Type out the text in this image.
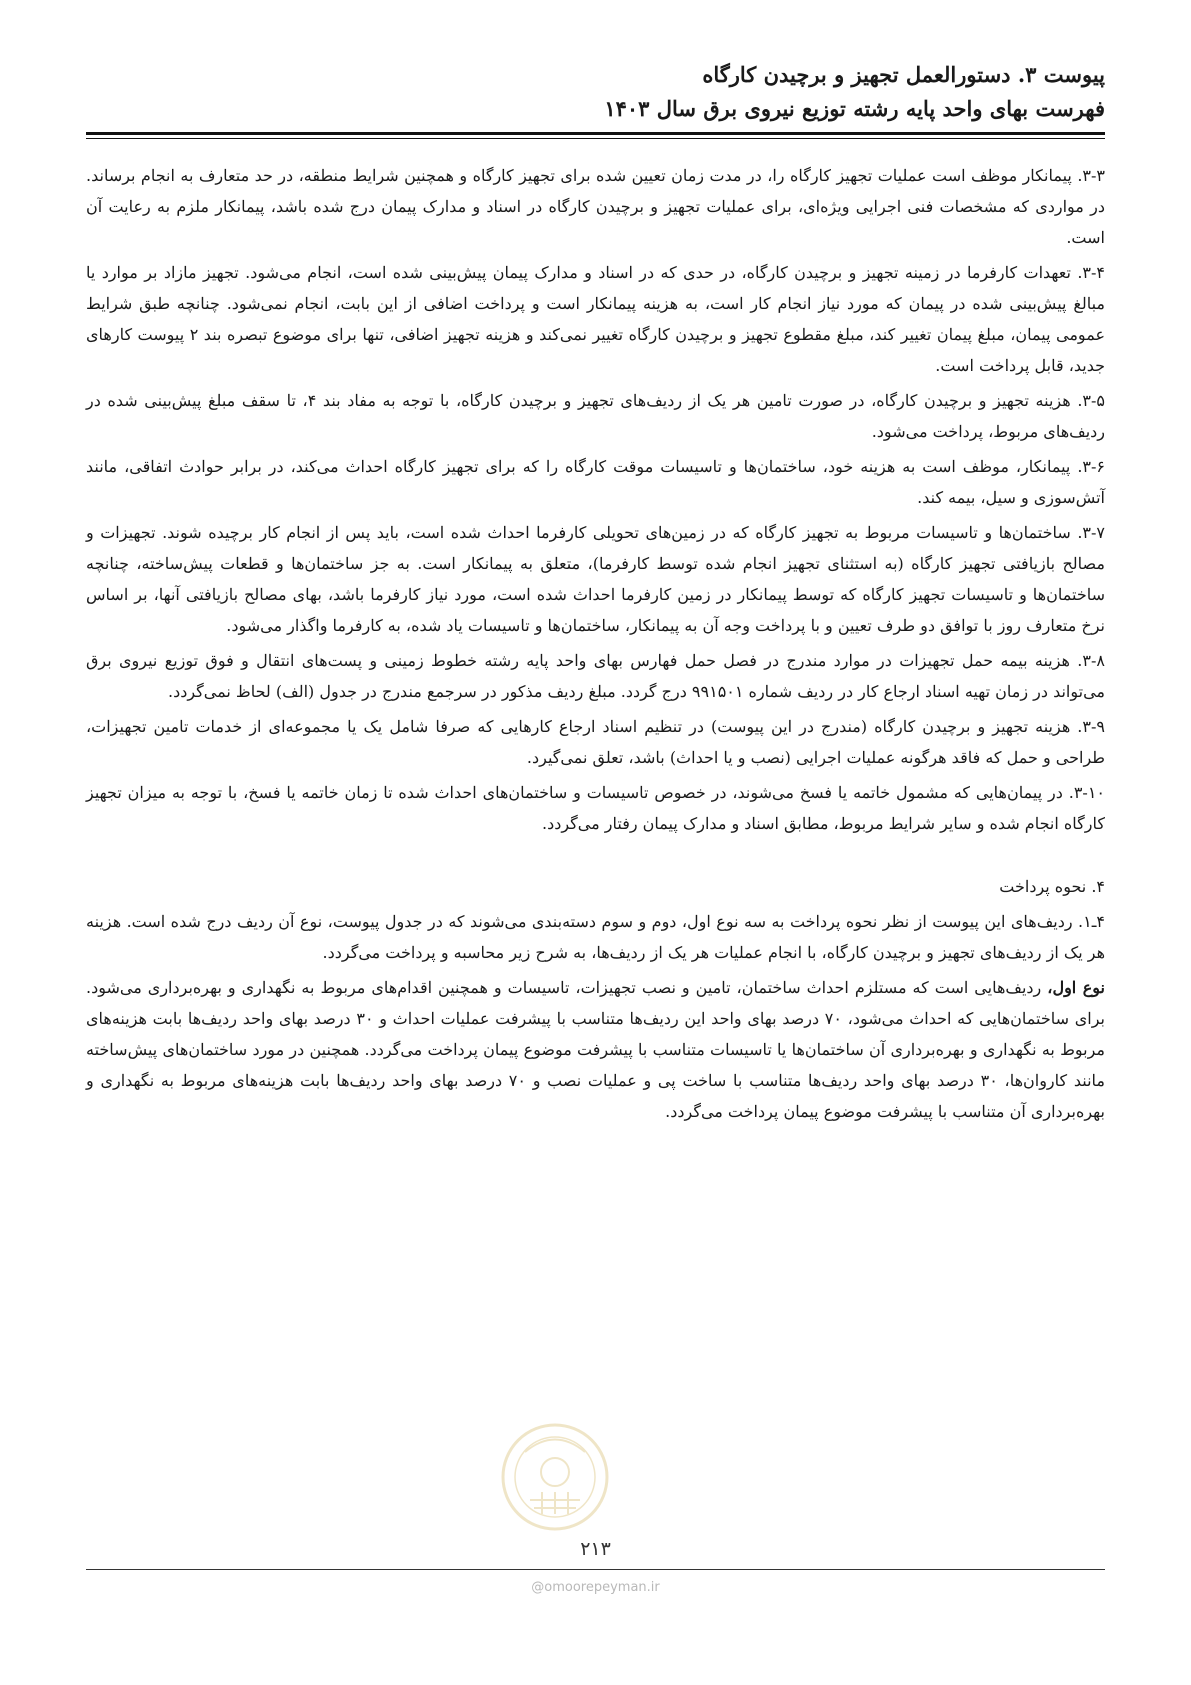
پیوست ۳. دستورالعمل تجهیز و برچیدن کارگاه
فهرست بهای واحد پایه رشته توزیع نیروی برق سال ۱۴۰۳

۳-۳. پیمانکار موظف است عملیات تجهیز کارگاه را، در مدت زمان تعیین شده برای تجهیز کارگاه و همچنین شرایط منطقه، در حد متعارف به انجام برساند. در مواردی که مشخصات فنی اجرایی ویژه‌ای، برای عملیات تجهیز و برچیدن کارگاه در اسناد و مدارک پیمان درج شده باشد، پیمانکار ملزم به رعایت آن است.

۳-۴. تعهدات کارفرما در زمینه تجهیز و برچیدن کارگاه، در حدی که در اسناد و مدارک پیمان پیش‌بینی شده است، انجام می‌شود. تجهیز مازاد بر موارد یا مبالغ پیش‌بینی شده در پیمان که مورد نیاز انجام کار است، به هزینه پیمانکار است و پرداخت اضافی از این بابت، انجام نمی‌شود. چنانچه طبق شرایط عمومی پیمان، مبلغ پیمان تغییر کند، مبلغ مقطوع تجهیز و برچیدن کارگاه تغییر نمی‌کند و هزینه تجهیز اضافی، تنها برای موضوع تبصره بند ۲ پیوست کارهای جدید، قابل پرداخت است.

۳-۵. هزینه تجهیز و برچیدن کارگاه، در صورت تامین هر یک از ردیف‌های تجهیز و برچیدن کارگاه، با توجه به مفاد بند ۴، تا سقف مبلغ پیش‌بینی شده در ردیف‌های مربوط، پرداخت می‌شود.

۳-۶. پیمانکار، موظف است به هزینه خود، ساختمان‌ها و تاسیسات موقت کارگاه را که برای تجهیز کارگاه احداث می‌کند، در برابر حوادث اتفاقی، مانند آتش‌سوزی و سیل، بیمه کند.

۳-۷. ساختمان‌ها و تاسیسات مربوط به تجهیز کارگاه که در زمین‌های تحویلی کارفرما احداث شده است، باید پس از انجام کار برچیده شوند. تجهیزات و مصالح بازیافتی تجهیز کارگاه (به استثنای تجهیز انجام شده توسط کارفرما)، متعلق به پیمانکار است. به جز ساختمان‌ها و قطعات پیش‌ساخته، چنانچه ساختمان‌ها و تاسیسات تجهیز کارگاه که توسط پیمانکار در زمین کارفرما احداث شده است، مورد نیاز کارفرما باشد، بهای مصالح بازیافتی آنها، بر اساس نرخ متعارف روز با توافق دو طرف تعیین و با پرداخت وجه آن به پیمانکار، ساختمان‌ها و تاسیسات یاد شده، به کارفرما واگذار می‌شود.

۳-۸. هزینه بیمه حمل تجهیزات در موارد مندرج در فصل حمل فهارس بهای واحد پایه رشته خطوط زمینی و پست‌های انتقال و فوق توزیع نیروی برق می‌تواند در زمان تهیه اسناد ارجاع کار در ردیف شماره ۹۹۱۵۰۱ درج گردد. مبلغ ردیف مذکور در سرجمع مندرج در جدول (الف) لحاظ نمی‌گردد.

۳-۹. هزینه تجهیز و برچیدن کارگاه (مندرج در این پیوست) در تنظیم اسناد ارجاع کارهایی که صرفا شامل یک یا مجموعه‌ای از خدمات تامین تجهیزات، طراحی و حمل که فاقد هرگونه عملیات اجرایی (نصب و یا احداث) باشد، تعلق نمی‌گیرد.

۳-۱۰. در پیمان‌هایی که مشمول خاتمه یا فسخ می‌شوند، در خصوص تاسیسات و ساختمان‌های احداث شده تا زمان خاتمه یا فسخ، با توجه به میزان تجهیز کارگاه انجام شده و سایر شرایط مربوط، مطابق اسناد و مدارک پیمان رفتار می‌گردد.

۴. نحوه پرداخت

۴ـ۱. ردیف‌های این پیوست از نظر نحوه پرداخت به سه نوع اول، دوم و سوم دسته‌بندی می‌شوند که در جدول پیوست، نوع آن ردیف درج شده است. هزینه هر یک از ردیف‌های تجهیز و برچیدن کارگاه، با انجام عملیات هر یک از ردیف‌ها، به شرح زیر محاسبه و پرداخت می‌گردد.

نوع اول، ردیف‌هایی است که مستلزم احداث ساختمان، تامین و نصب تجهیزات، تاسیسات و همچنین اقدام‌های مربوط به نگهداری و بهره‌برداری می‌شود. برای ساختمان‌هایی که احداث می‌شود، ۷۰ درصد بهای واحد این ردیف‌ها متناسب با پیشرفت عملیات احداث و ۳۰ درصد بهای واحد ردیف‌ها بابت هزینه‌های مربوط به نگهداری و بهره‌برداری آن ساختمان‌ها یا تاسیسات متناسب با پیشرفت موضوع پیمان پرداخت می‌گردد. همچنین در مورد ساختمان‌های پیش‌ساخته مانند کاروان‌ها، ۳۰ درصد بهای واحد ردیف‌ها متناسب با ساخت پی و عملیات نصب و ۷۰ درصد بهای واحد ردیف‌ها بابت هزینه‌های مربوط به نگهداری و بهره‌برداری آن متناسب با پیشرفت موضوع پیمان پرداخت می‌گردد.

۲۱۳
@omoorepeyman.ir
